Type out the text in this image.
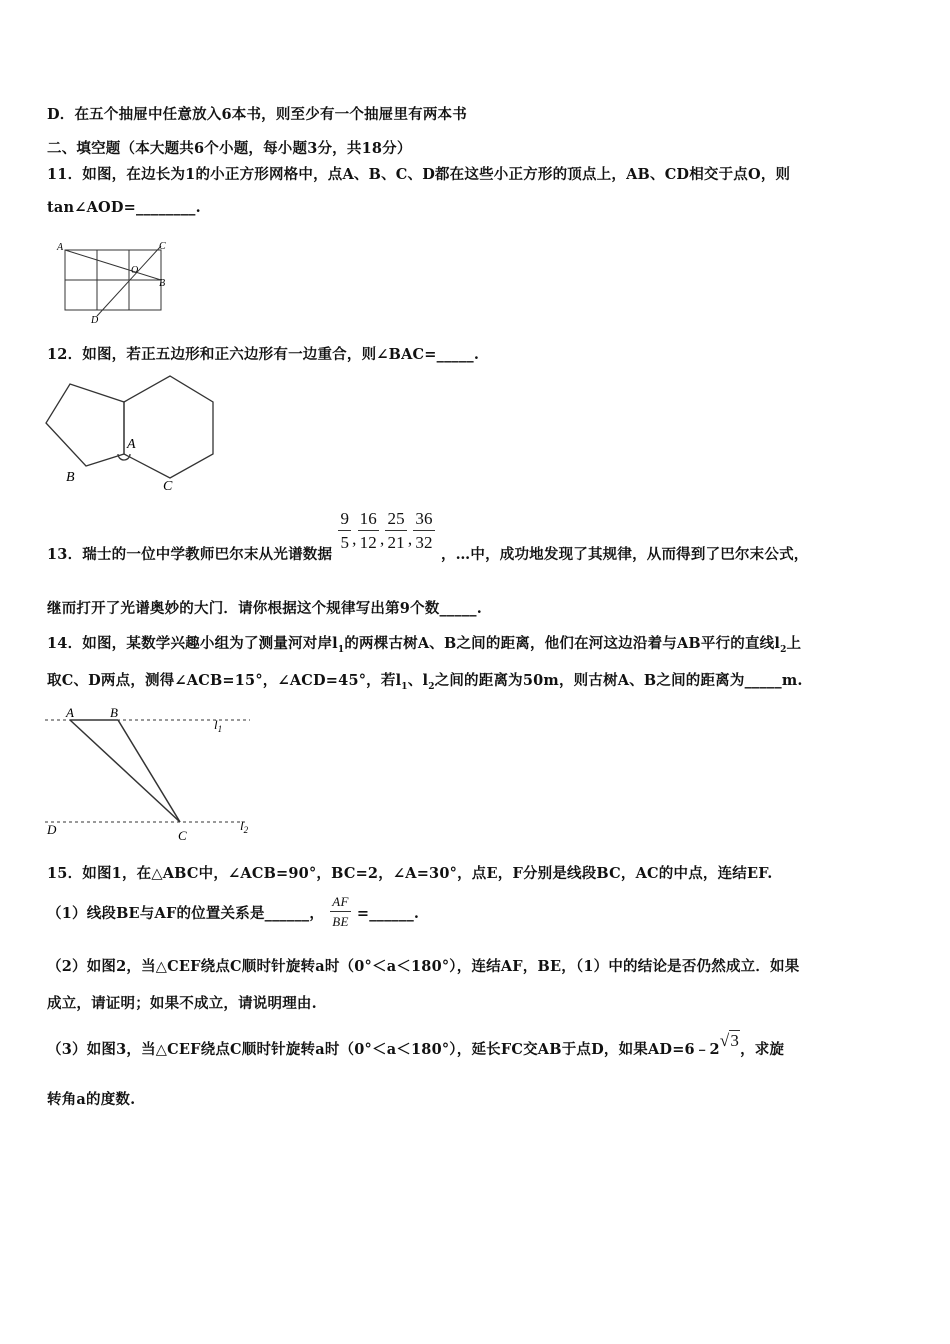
D．在五个抽屉中任意放入6本书，则至少有一个抽屉里有两本书
二、填空题（本大题共6个小题，每小题3分，共18分）
11．如图，在边长为1的小正方形网格中，点A、B、C、D都在这些小正方形的顶点上，AB、CD相交于点O，则
tan∠AOD=________.
A	C
O
B
D
12．如图，若正五边形和正六边形有一边重合，则∠BAC=_____.
A
B
C
13．瑞士的一位中学教师巴尔末从光谱数据
$\frac{9}{5}$ , $\frac{16}{12}$ , $\frac{25}{21}$ , $\frac{36}{32}$
，…中，成功地发现了其规律，从而得到了巴尔末公式，
继而打开了光谱奥妙的大门．请你根据这个规律写出第9个数_____.
14．如图，某数学兴趣小组为了测量河对岸$l_1$的两棵古树A、B之间的距离，他们在河这边沿着与AB平行的直线$l_2$上
取C、D两点，测得∠ACB=15°，∠ACD=45°，若$l_1$、$l_2$之间的距离为50m，则古树A、B之间的距离为_____m.
A	B
$l_1$
D	C
$l_2$
15．如图1，在△ABC中，∠ACB=90°，BC=2，∠A=30°，点E，F分别是线段BC，AC的中点，连结EF.
（1）线段BE与AF的位置关系是______， $\frac{AF}{BE}$ =______.
（2）如图2，当△CEF绕点C顺时针旋转a时（0°＜a＜180°），连结AF，BE，（1）中的结论是否仍然成立．如果
成立，请证明；如果不成立，请说明理由.
（3）如图3，当△CEF绕点C顺时针旋转a时（0°＜a＜180°），延长FC交AB于点D，如果AD=6﹣2√3，求旋
转角a的度数.
